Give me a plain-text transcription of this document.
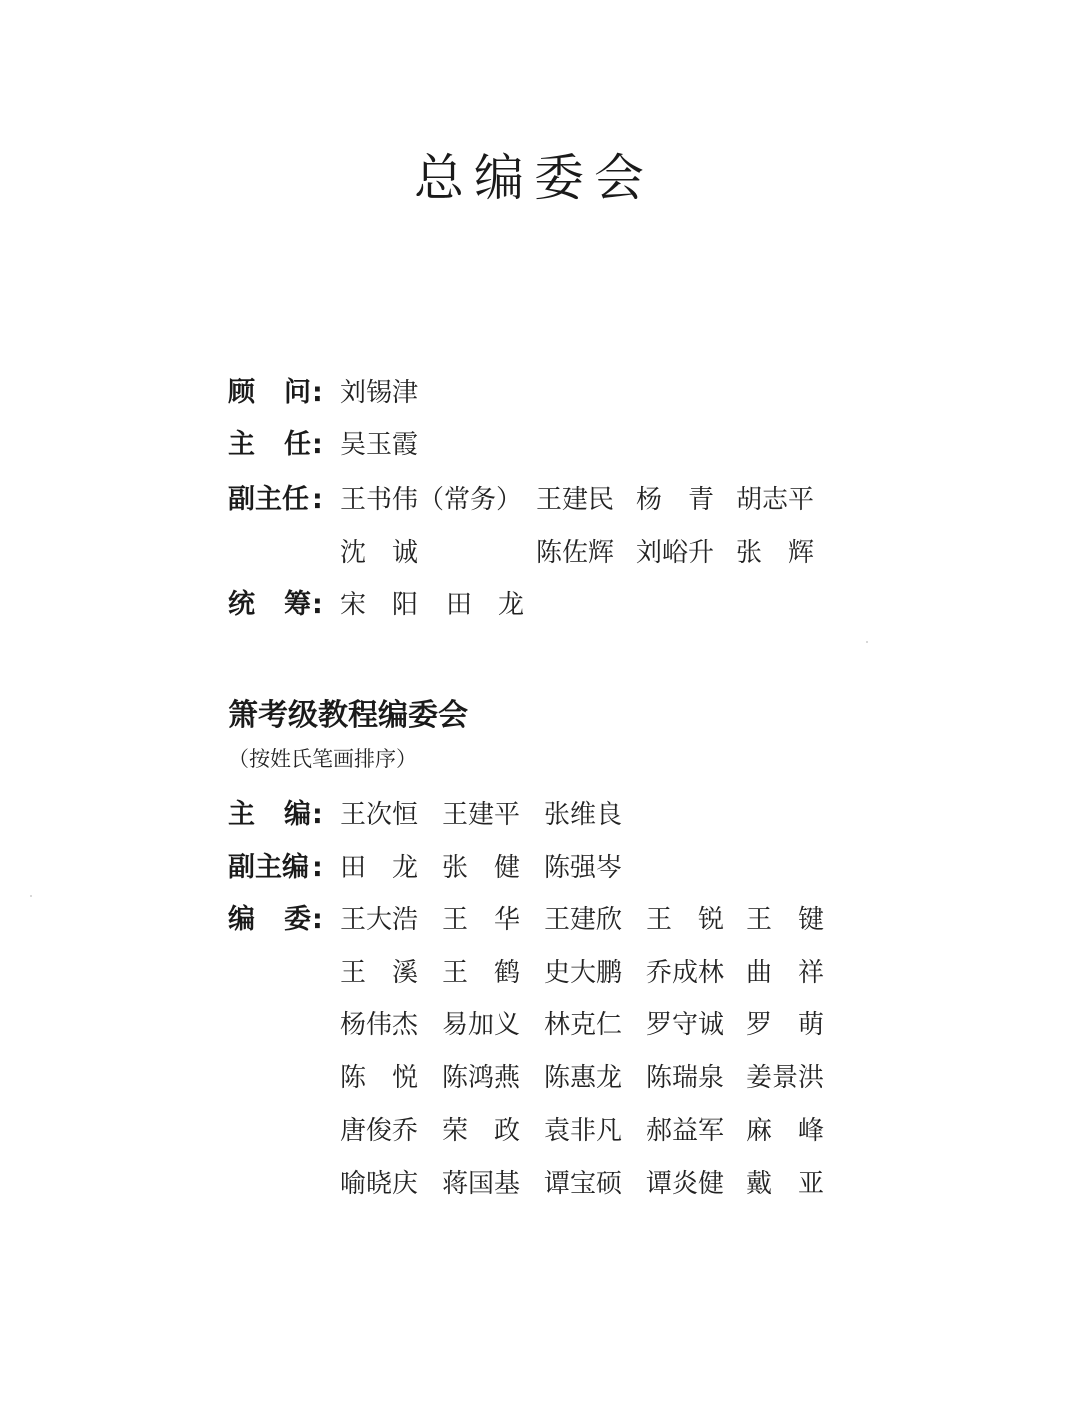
总编委会
顾 问 : 刘锡津
主 任 : 吴玉霞
副主任 : 王书伟（常务） 王建民 杨　青 胡志平
沈　诚	陈佐辉 刘峪升 张　辉
统 筹 : 宋　阳 田　龙
箫考级教程编委会
（按姓氏笔画排序）
主 编 : 王次恒 王建平 张维良
副主编 : 田　龙 张　健 陈强岑
编 委 : 王大浩 王　华 王建欣 王　锐 王　键
王　溪 王　鹤 史大鹏 乔成林 曲　祥
杨伟杰 易加义 林克仁 罗守诚 罗　萌
陈　悦 陈鸿燕 陈惠龙 陈瑞泉 姜景洪
唐俊乔 荣　政 袁非凡 郝益军 麻　峰
喻晓庆 蒋国基 谭宝硕 谭炎健 戴　亚
